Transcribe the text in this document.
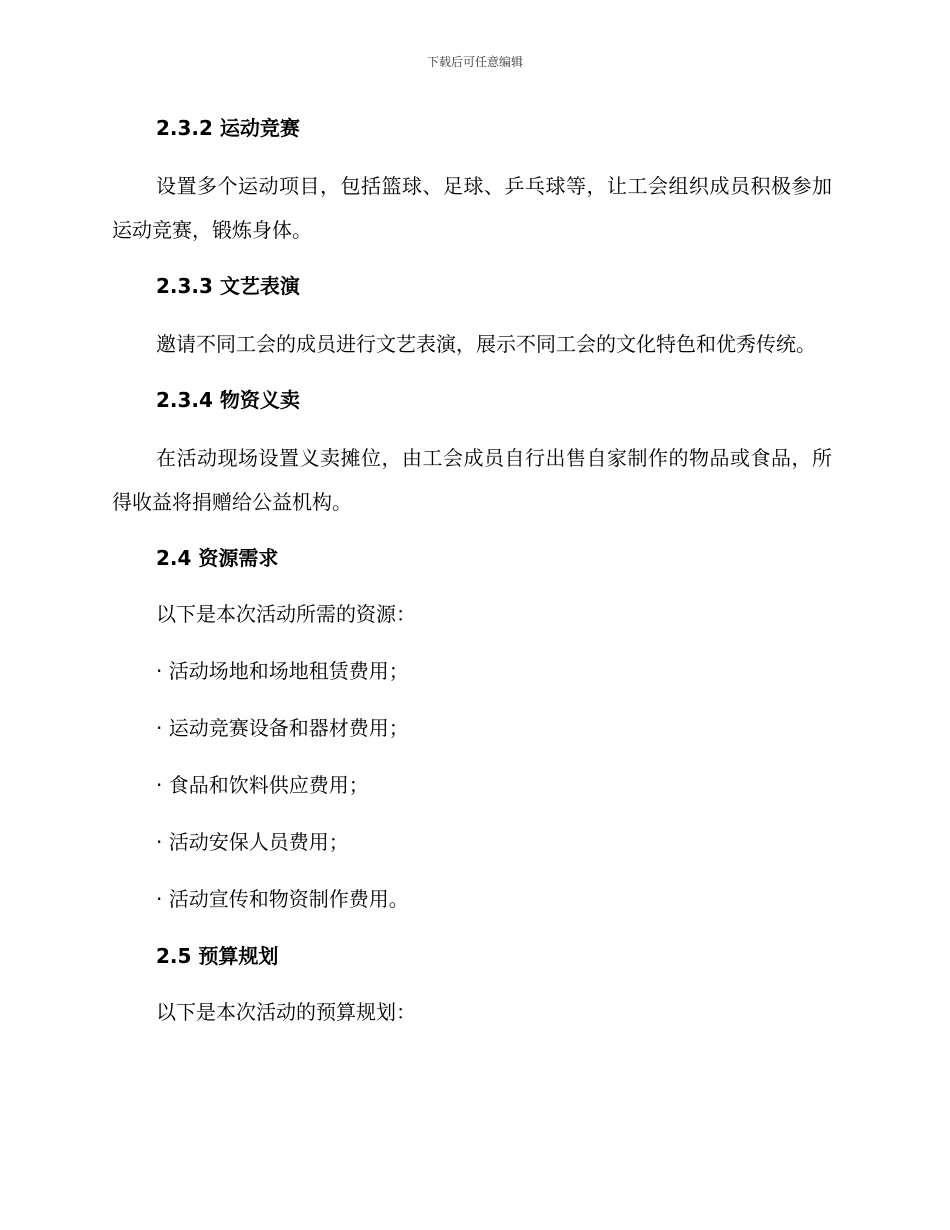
下载后可任意编辑
2.3.2 运动竞赛

设置多个运动项目，包括篮球、足球、乒乓球等，让工会组织成员积极参加运动竞赛，锻炼身体。

2.3.3 文艺表演

邀请不同工会的成员进行文艺表演，展示不同工会的文化特色和优秀传统。

2.3.4 物资义卖

在活动现场设置义卖摊位，由工会成员自行出售自家制作的物品或食品，所得收益将捐赠给公益机构。

2.4 资源需求
以下是本次活动所需的资源：
· 活动场地和场地租赁费用；
· 运动竞赛设备和器材费用；
· 食品和饮料供应费用；
· 活动安保人员费用；
· 活动宣传和物资制作费用。
2.5 预算规划
以下是本次活动的预算规划：
